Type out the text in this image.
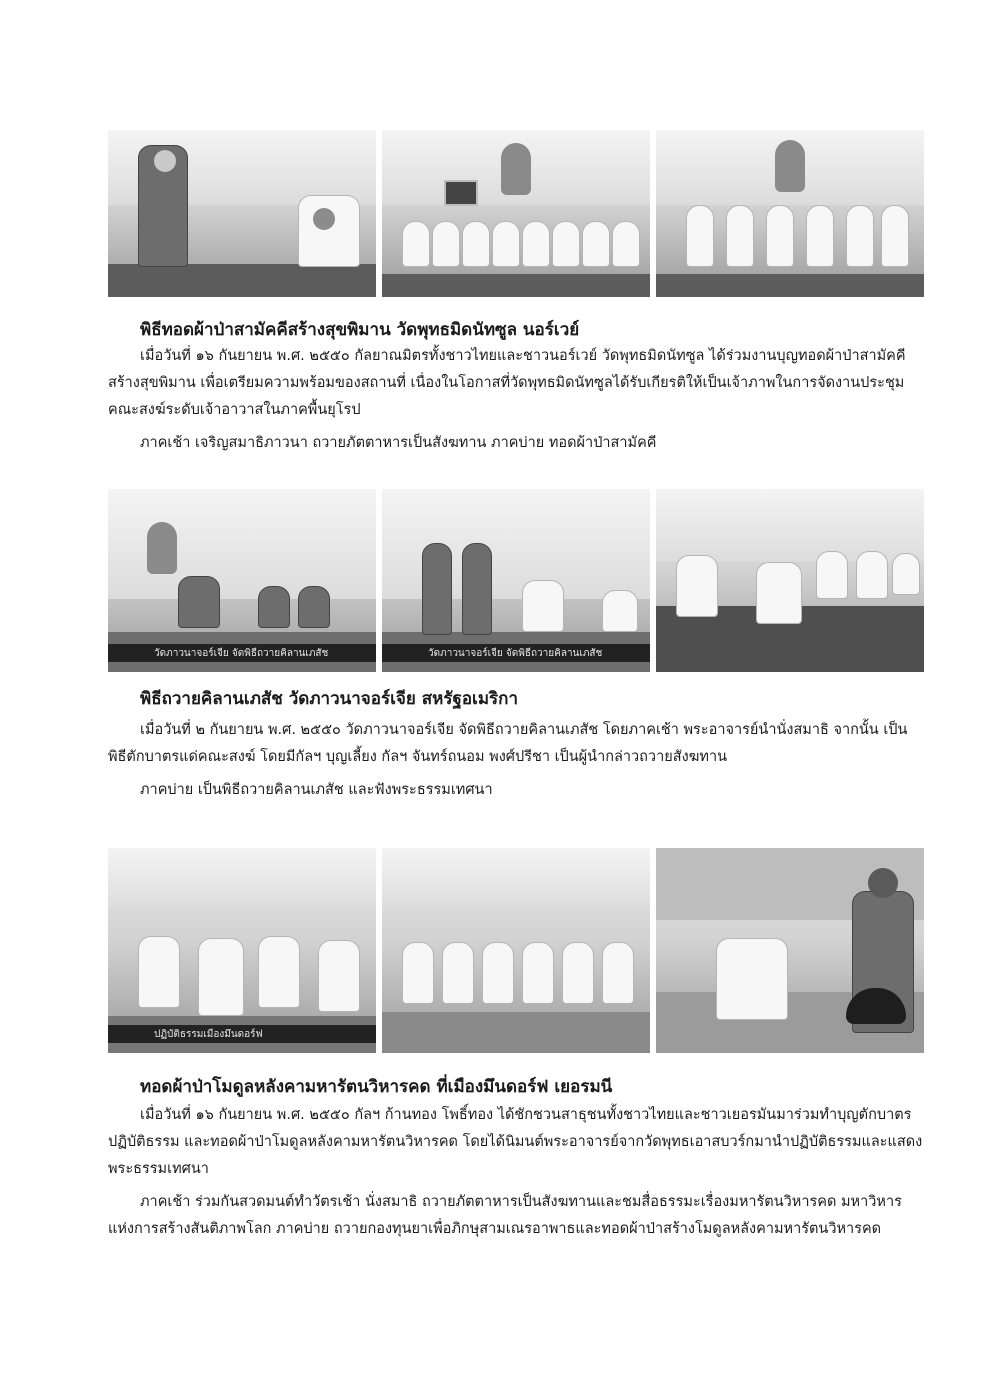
พิธีทอดผ้าป่าสามัคคีสร้างสุขพิมาน วัดพุทธมิดนัทซูล นอร์เวย์

เมื่อวันที่ ๑๖ กันยายน พ.ศ. ๒๕๕๐ กัลยาณมิตรทั้งชาวไทยและชาวนอร์เวย์ วัดพุทธมิดนัทซูล ได้ร่วมงานบุญทอดผ้าป่าสามัคคีสร้างสุขพิมาน เพื่อเตรียมความพร้อมของสถานที่ เนื่องในโอกาสที่วัดพุทธมิดนัทซูลได้รับเกียรติให้เป็นเจ้าภาพในการจัดงานประชุมคณะสงฆ์ระดับเจ้าอาวาสในภาคพื้นยุโรป

ภาคเช้า เจริญสมาธิภาวนา ถวายภัตตาหารเป็นสังฆทาน ภาคบ่าย ทอดผ้าป่าสามัคคี

วัดภาวนาจอร์เจีย จัดพิธีถวายคิลานเภสัช	วัดภาวนาจอร์เจีย จัดพิธีถวายคิลานเภสัช
พิธีถวายคิลานเภสัช วัดภาวนาจอร์เจีย สหรัฐอเมริกา

เมื่อวันที่ ๒ กันยายน พ.ศ. ๒๕๕๐ วัดภาวนาจอร์เจีย จัดพิธีถวายคิลานเภสัช โดยภาคเช้า พระอาจารย์นำนั่งสมาธิ จากนั้น เป็นพิธีตักบาตรแด่คณะสงฆ์ โดยมีกัลฯ บุญเลี้ยง กัลฯ จันทร์ถนอม พงศ์ปรีชา เป็นผู้นำกล่าวถวายสังฆทาน

ภาคบ่าย เป็นพิธีถวายคิลานเภสัช และฟังพระธรรมเทศนา

ปฏิบัติธรรมเมืองมึนดอร์ฟ
ทอดผ้าป่าโมดูลหลังคามหารัตนวิหารคด ที่เมืองมึนดอร์ฟ เยอรมนี

เมื่อวันที่ ๑๖ กันยายน พ.ศ. ๒๕๕๐ กัลฯ ก้านทอง โพธิ์ทอง ได้ชักชวนสาธุชนทั้งชาวไทยและชาวเยอรมันมาร่วมทำบุญตักบาตร ปฏิบัติธรรม และทอดผ้าป่าโมดูลหลังคามหารัตนวิหารคด โดยได้นิมนต์พระอาจารย์จากวัดพุทธเอาสบวร์กมานำปฏิบัติธรรมและแสดงพระธรรมเทศนา

ภาคเช้า ร่วมกันสวดมนต์ทำวัตรเช้า นั่งสมาธิ ถวายภัตตาหารเป็นสังฆทานและชมสื่อธรรมะเรื่องมหารัตนวิหารคด มหาวิหารแห่งการสร้างสันติภาพโลก ภาคบ่าย ถวายกองทุนยาเพื่อภิกษุสามเณรอาพาธและทอดผ้าป่าสร้างโมดูลหลังคามหารัตนวิหารคด
